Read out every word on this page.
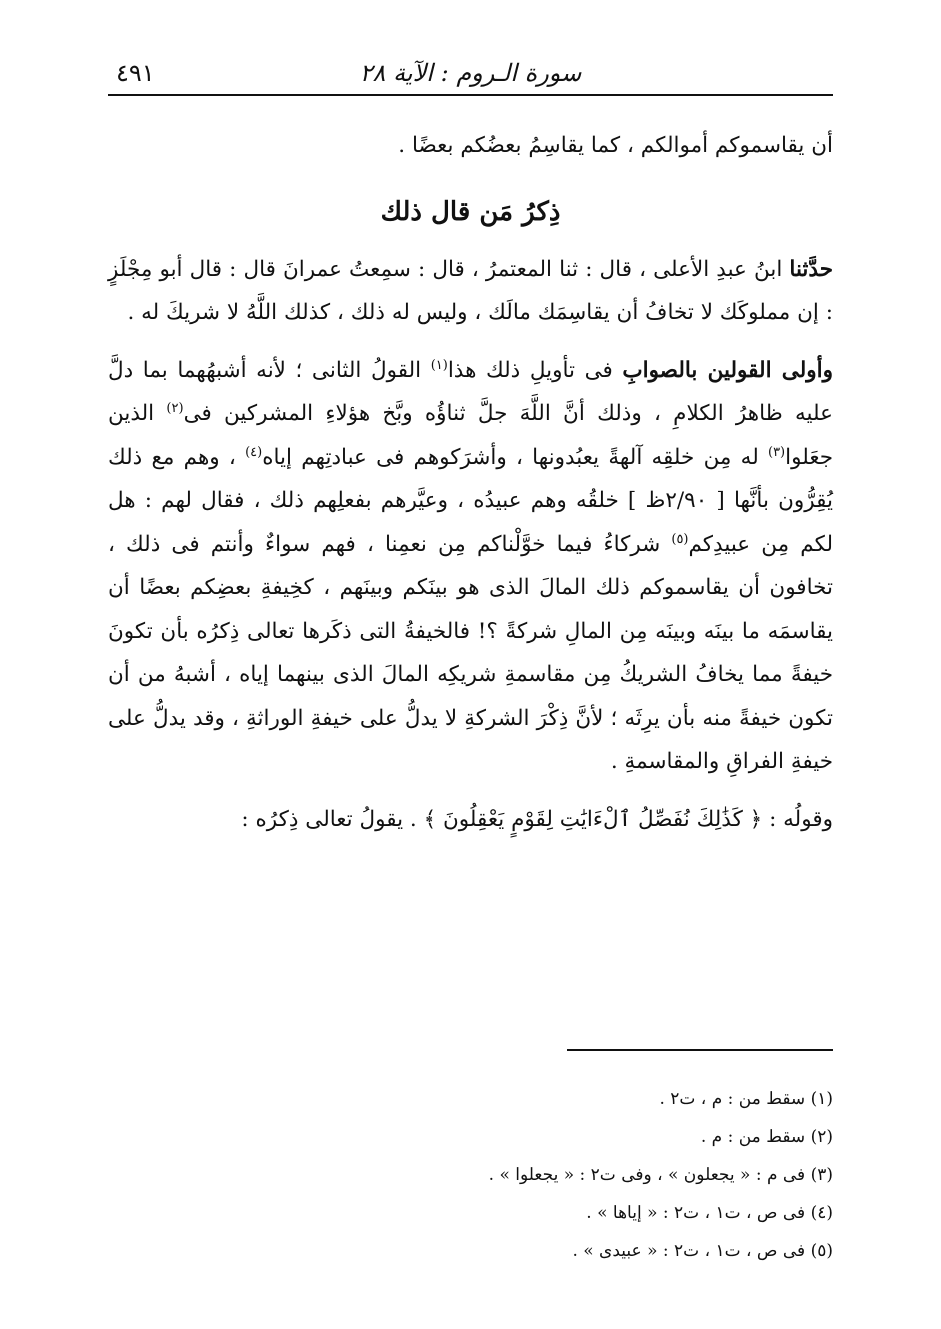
سورة الـروم : الآية ٢٨
٤٩١

أن يقاسموكم أموالكم ، كما يقاسِمُ بعضُكم بعضًا .

ذِكرُ مَن قال ذلك

حدَّثنا ابنُ عبدِ الأعلى ، قال : ثنا المعتمرُ ، قال : سمِعتُ عمرانَ قال : قال أبو مِجْلَزٍ : إن مملوكَك لا تخافُ أن يقاسِمَك مالَك ، وليس له ذلك ، كذلك اللَّهُ لا شريكَ له .

وأولى القولين بالصوابِ فى تأويلِ ذلك هذا$^{(١)}$ القولُ الثانى ؛ لأنه أشبهُهما بما دلَّ عليه ظاهرُ الكلامِ ، وذلك أنَّ اللَّهَ جلَّ ثناؤُه وبَّخ هؤلاءِ المشركين فى$^{(٢)}$ الذين جعَلوا$^{(٣)}$ له مِن خلقِه آلهةً يعبُدونها ، وأشرَكوهم فى عبادتِهم إياه$^{(٤)}$ ، وهم مع ذلك يُقِرُّون بأنَّها [ ٢/٩٠ظ ] خلقُه وهم عبيدُه ، وعيَّرهم بفعلِهم ذلك ، فقال لهم : هل لكم مِن عبيدِكم$^{(٥)}$ شركاءُ فيما خوَّلْناكم مِن نعمِنا ، فهم سواءٌ وأنتم فى ذلك ، تخافون أن يقاسموكم ذلك المالَ الذى هو بينَكم وبينَهم ، كخِيفةِ بعضِكم بعضًا أن يقاسمَه ما بينَه وبينَه مِن المالِ شركةً ؟! فالخيفةُ التى ذكَرها تعالى ذِكرُه بأن تكونَ خيفةً مما يخافُ الشريكُ مِن مقاسمةِ شريكِه المالَ الذى بينهما إياه ، أشبهُ من أن تكون خيفةً منه بأن يرِثَه ؛ لأنَّ ذِكْرَ الشركةِ لا يدلُّ على خيفةِ الوراثةِ ، وقد يدلُّ على خيفةِ الفراقِ والمقاسمةِ .

وقولُه : ﴿ كَذَٰلِكَ نُفَصِّلُ ٱلْءَايَٰتِ لِقَوْمٍ يَعْقِلُونَ ﴾ . يقولُ تعالى ذِكرُه :

(١) سقط من : م ، ت٢ .

(٢) سقط من : م .

(٣) فى م : « يجعلون » ، وفى ت٢ : « يجعلوا » .

(٤) فى ص ، ت١ ، ت٢ : « إياها » .

(٥) فى ص ، ت١ ، ت٢ : « عبيدى » .
